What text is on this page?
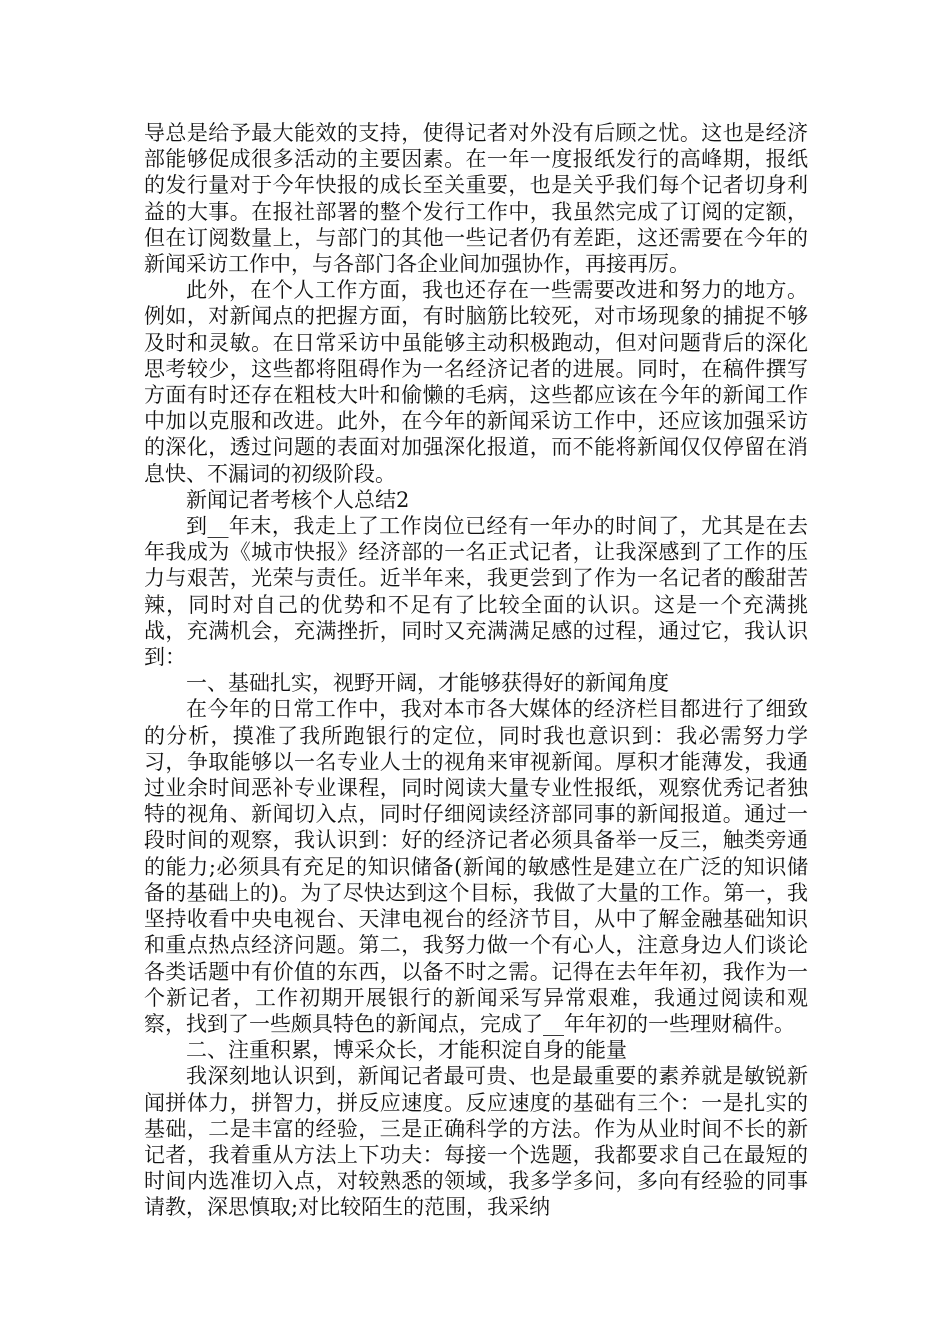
导总是给予最大能效的支持，使得记者对外没有后顾之忧。这也是经济部能够促成很多活动的主要因素。在一年一度报纸发行的高峰期，报纸的发行量对于今年快报的成长至关重要，也是关乎我们每个记者切身利益的大事。在报社部署的整个发行工作中，我虽然完成了订阅的定额，但在订阅数量上，与部门的其他一些记者仍有差距，这还需要在今年的新闻采访工作中，与各部门各企业间加强协作，再接再厉。

此外，在个人工作方面，我也还存在一些需要改进和努力的地方。例如，对新闻点的把握方面，有时脑筋比较死，对市场现象的捕捉不够及时和灵敏。在日常采访中虽能够主动积极跑动，但对问题背后的深化思考较少，这些都将阻碍作为一名经济记者的进展。同时，在稿件撰写方面有时还存在粗枝大叶和偷懒的毛病，这些都应该在今年的新闻工作中加以克服和改进。此外，在今年的新闻采访工作中，还应该加强采访的深化，透过问题的表面对加强深化报道，而不能将新闻仅仅停留在消息快、不漏词的初级阶段。

新闻记者考核个人总结2

到__年末，我走上了工作岗位已经有一年办的时间了，尤其是在去年我成为《城市快报》经济部的一名正式记者，让我深感到了工作的压力与艰苦，光荣与责任。近半年来，我更尝到了作为一名记者的酸甜苦辣，同时对自己的优势和不足有了比较全面的认识。这是一个充满挑战，充满机会，充满挫折，同时又充满满足感的过程，通过它，我认识到：

一、基础扎实，视野开阔，才能够获得好的新闻角度

在今年的日常工作中，我对本市各大媒体的经济栏目都进行了细致的分析，摸准了我所跑银行的定位，同时我也意识到：我必需努力学习，争取能够以一名专业人士的视角来审视新闻。厚积才能薄发，我通过业余时间恶补专业课程，同时阅读大量专业性报纸，观察优秀记者独特的视角、新闻切入点，同时仔细阅读经济部同事的新闻报道。通过一段时间的观察，我认识到：好的经济记者必须具备举一反三，触类旁通的能力;必须具有充足的知识储备(新闻的敏感性是建立在广泛的知识储备的基础上的)。为了尽快达到这个目标，我做了大量的工作。第一，我坚持收看中央电视台、天津电视台的经济节目，从中了解金融基础知识和重点热点经济问题。第二，我努力做一个有心人，注意身边人们谈论各类话题中有价值的东西，以备不时之需。记得在去年年初，我作为一个新记者，工作初期开展银行的新闻采写异常艰难，我通过阅读和观察，找到了一些颇具特色的新闻点，完成了__年年初的一些理财稿件。

二、注重积累，博采众长，才能积淀自身的能量

我深刻地认识到，新闻记者最可贵、也是最重要的素养就是敏锐新闻拼体力，拼智力，拼反应速度。反应速度的基础有三个：一是扎实的基础，二是丰富的经验，三是正确科学的方法。作为从业时间不长的新记者，我着重从方法上下功夫：每接一个选题，我都要求自己在最短的时间内选准切入点，对较熟悉的领域，我多学多问，多向有经验的同事请教，深思慎取;对比较陌生的范围，我采纳
